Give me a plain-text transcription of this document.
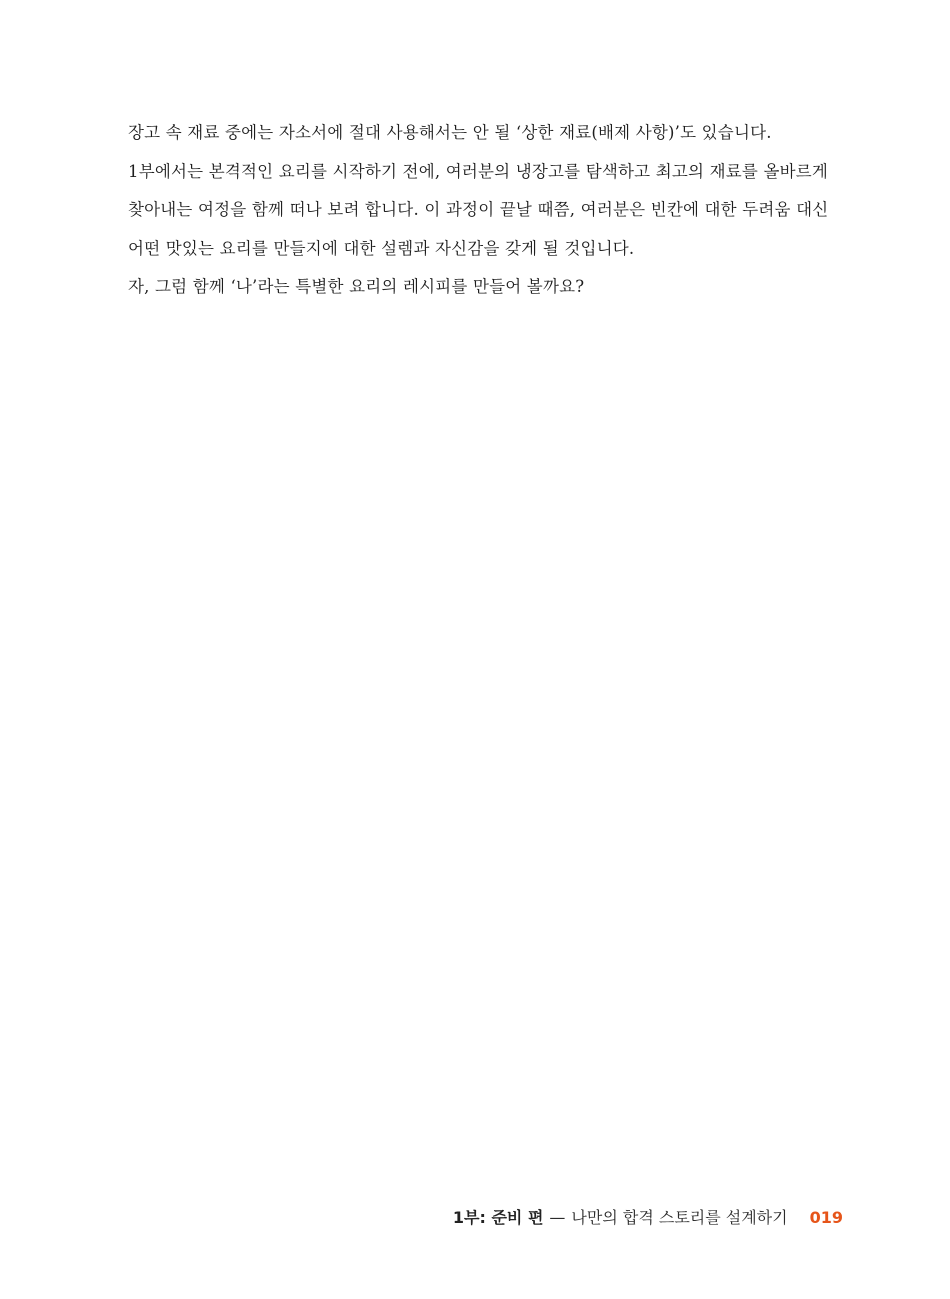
장고 속 재료 중에는 자소서에 절대 사용해서는 안 될 ‘상한 재료(배제 사항)’도 있습니다.
1부에서는 본격적인 요리를 시작하기 전에, 여러분의 냉장고를 탐색하고 최고의 재료를 올바르게
찾아내는 여정을 함께 떠나 보려 합니다. 이 과정이 끝날 때쯤, 여러분은 빈칸에 대한 두려움 대신
어떤 맛있는 요리를 만들지에 대한 설렘과 자신감을 갖게 될 것입니다.
자, 그럼 함께 ‘나’라는 특별한 요리의 레시피를 만들어 볼까요?
1부: 준비 편 — 나만의 합격 스토리를 설계하기 019
